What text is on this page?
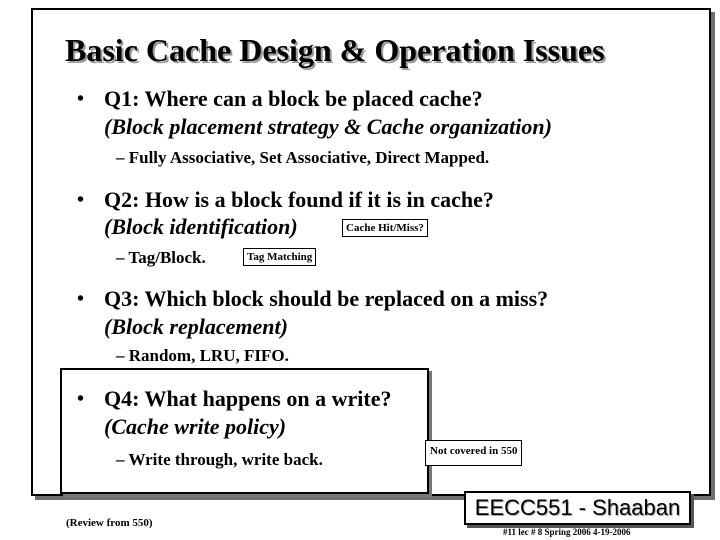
Basic Cache Design & Operation Issues
• Q1: Where can a block be placed cache?
(Block placement strategy & Cache organization)
– Fully Associative, Set Associative, Direct Mapped.
• Q2: How is a block found if it is in cache?
(Block identification)	Cache Hit/Miss?
– Tag/Block.	Tag Matching
• Q3: Which block should be replaced on a miss?
(Block replacement)
– Random, LRU, FIFO.
• Q4: What happens on a write?
(Cache write policy)
– Write through, write back.	Not covered in 550
EECC551 - Shaaban
(Review from 550)
#11 lec # 8 Spring 2006 4-19-2006
